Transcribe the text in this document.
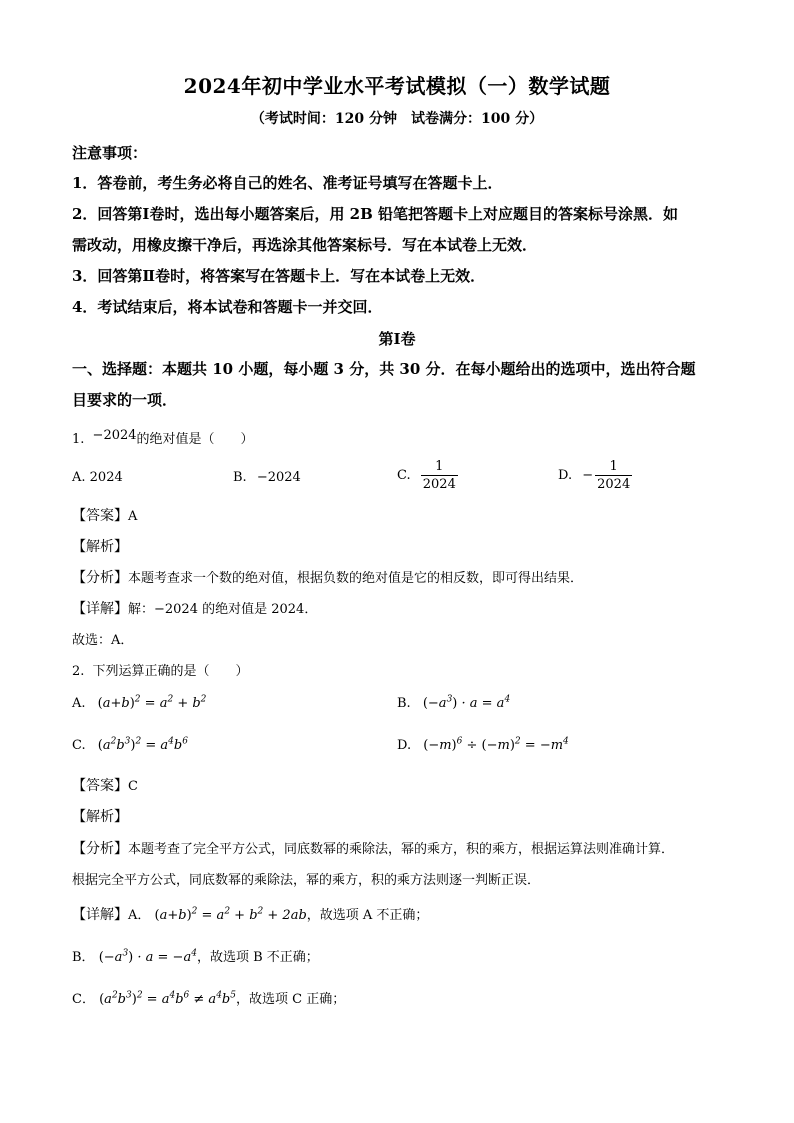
2024年初中学业水平考试模拟（一）数学试题
（考试时间：120 分钟　试卷满分：100 分）
注意事项：
1．答卷前，考生务必将自己的姓名、准考证号填写在答题卡上．
2．回答第Ⅰ卷时，选出每小题答案后，用 2B 铅笔把答题卡上对应题目的答案标号涂黑．如
需改动，用橡皮擦干净后，再选涂其他答案标号．写在本试卷上无效．
3．回答第Ⅱ卷时，将答案写在答题卡上．写在本试卷上无效．
4．考试结束后，将本试卷和答题卡一并交回．
第Ⅰ卷
一、选择题：本题共 10 小题，每小题 3 分，共 30 分．在每小题给出的选项中，选出符合题
目要求的一项．
1. −2024的绝对值是（　　）
A. 2024	B. −2024	C. $\frac{1}{2024}$	D. − $\frac{1}{2024}$
【答案】A
【解析】
【分析】本题考查求一个数的绝对值，根据负数的绝对值是它的相反数，即可得出结果．
【详解】解：−2024 的绝对值是 2024．
故选：A．
2. 下列运算正确的是（　　）
A. $(a+b)^2 = a^2 + b^2$	B. $(-a^3) \cdot a = a^4$
C. $(a^2b^3)^2 = a^4b^6$	D. $(-m)^6 \div (-m)^2 = -m^4$
【答案】C
【解析】
【分析】本题考查了完全平方公式，同底数幂的乘除法，幂的乘方，积的乘方，根据运算法则准确计算．
根据完全平方公式，同底数幂的乘除法，幂的乘方，积的乘方法则逐一判断正误．
【详解】A． $(a+b)^2 = a^2 + b^2 + 2ab$，故选项 A 不正确；
B． $(-a^3) \cdot a = -a^4$，故选项 B 不正确；
C． $(a^2b^3)^2 = a^4b^6 \ne a^4b^5$，故选项 C 正确；
